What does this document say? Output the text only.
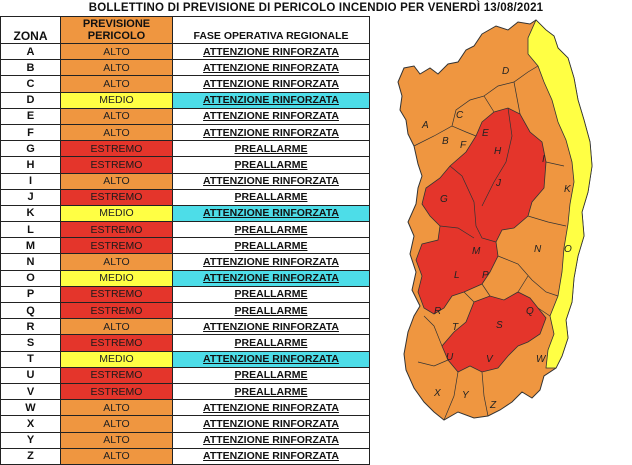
BOLLETTINO DI PREVISIONE DI PERICOLO INCENDIO PER VENERDÌ 13/08/2021
ZONA	PREVISIONE PERICOLO	FASE OPERATIVA REGIONALE
A	ALTO	ATTENZIONE RINFORZATA
B	ALTO	ATTENZIONE RINFORZATA
C	ALTO	ATTENZIONE RINFORZATA
D	MEDIO	ATTENZIONE RINFORZATA
E	ALTO	ATTENZIONE RINFORZATA
F	ALTO	ATTENZIONE RINFORZATA
G	ESTREMO	PREALLARME
H	ESTREMO	PREALLARME
I	ALTO	ATTENZIONE RINFORZATA
J	ESTREMO	PREALLARME
K	MEDIO	ATTENZIONE RINFORZATA
L	ESTREMO	PREALLARME
M	ESTREMO	PREALLARME
N	ALTO	ATTENZIONE RINFORZATA
O	MEDIO	ATTENZIONE RINFORZATA
P	ESTREMO	PREALLARME
Q	ESTREMO	PREALLARME
R	ALTO	ATTENZIONE RINFORZATA
S	ESTREMO	PREALLARME
T	MEDIO	ATTENZIONE RINFORZATA
U	ESTREMO	PREALLARME
V	ESTREMO	PREALLARME
W	ALTO	ATTENZIONE RINFORZATA
X	ALTO	ATTENZIONE RINFORZATA
Y	ALTO	ATTENZIONE RINFORZATA
Z	ALTO	ATTENZIONE RINFORZATA
A
B
C
D
E
F
G
H
I
J
K
L
M	N O
P
Q
R
S
T
U	V	W
X Y
Z
